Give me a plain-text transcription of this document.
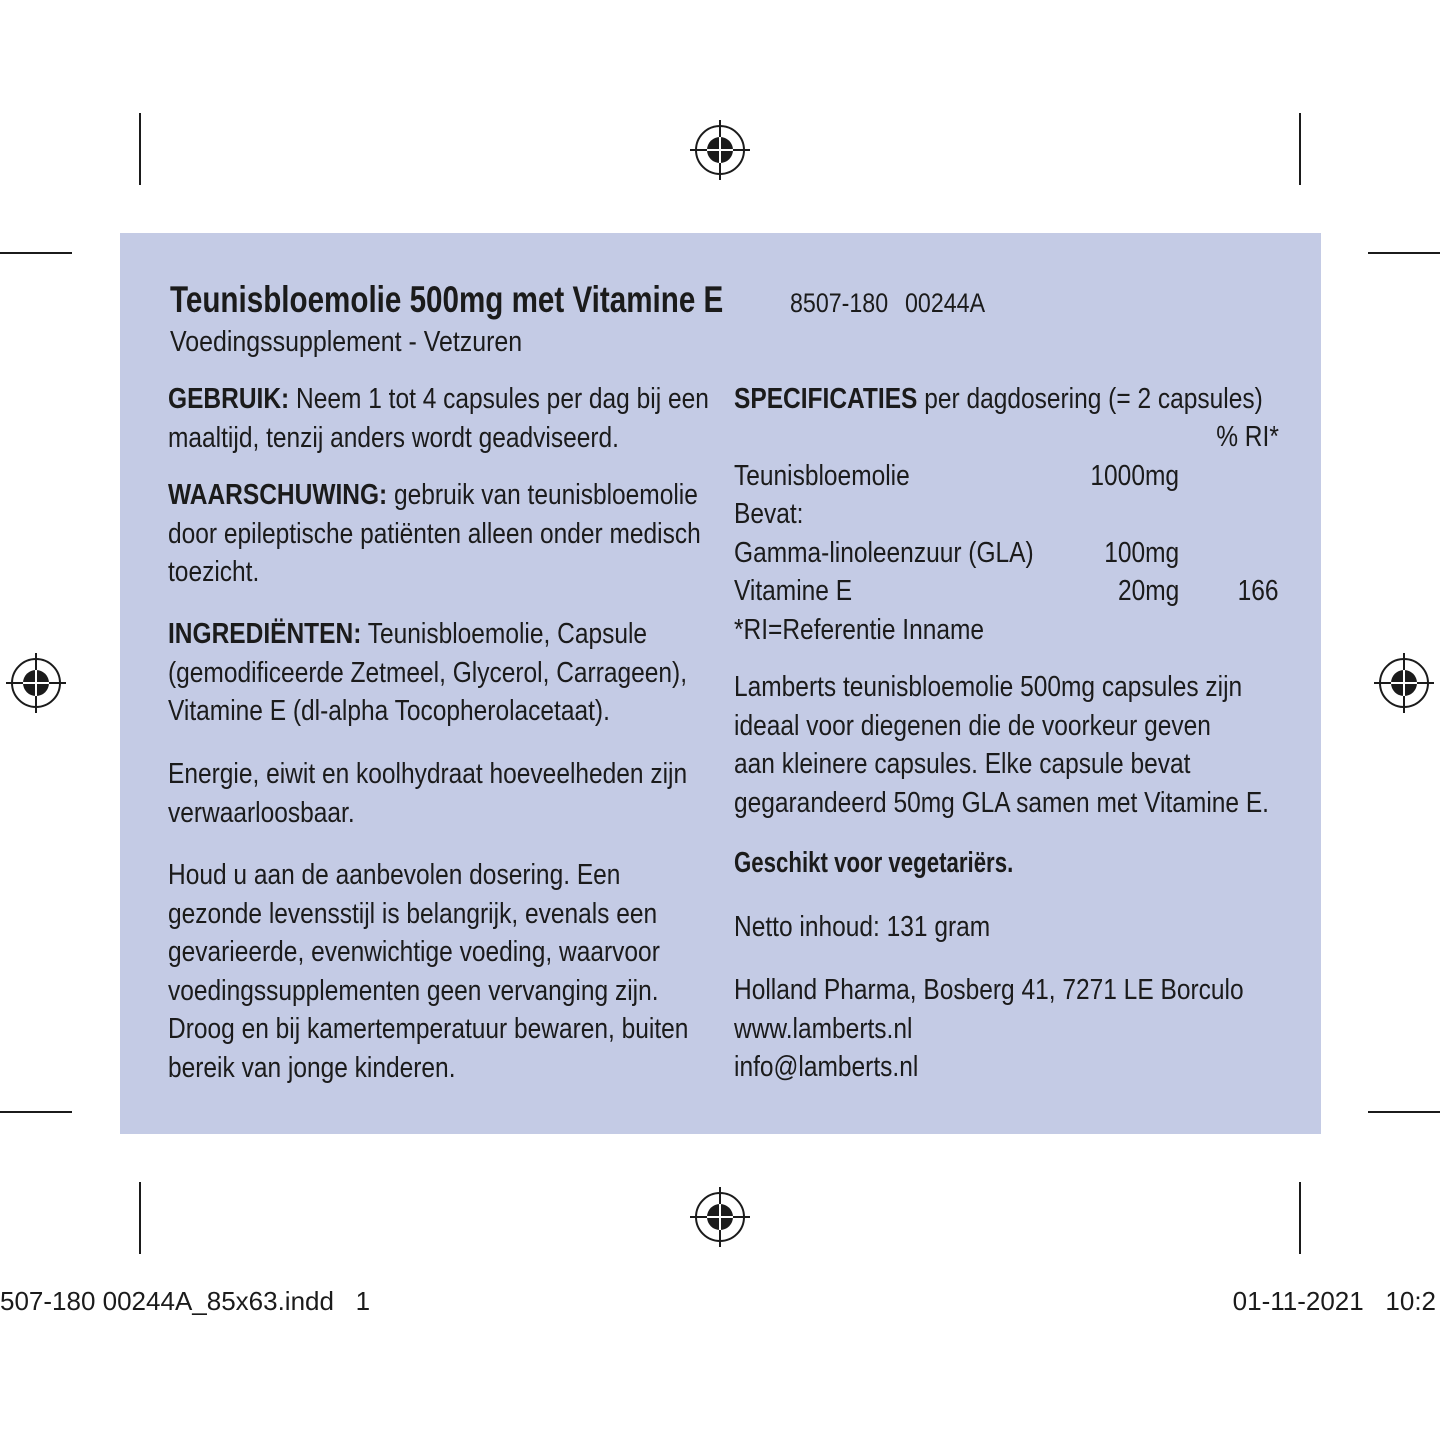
Teunisbloemolie 500mg met Vitamine E	8507-180 00244A
Voedingssupplement - Vetzuren
GEBRUIK: Neem 1 tot 4 capsules per dag bij een
maaltijd, tenzij anders wordt geadviseerd.
WAARSCHUWING: gebruik van teunisbloemolie
door epileptische patiënten alleen onder medisch
toezicht.
INGREDIËNTEN: Teunisbloemolie, Capsule
(gemodificeerde Zetmeel, Glycerol, Carrageen),
Vitamine E (dl-alpha Tocopherolacetaat).
Energie, eiwit en koolhydraat hoeveelheden zijn
verwaarloosbaar.
Houd u aan de aanbevolen dosering. Een
gezonde levensstijl is belangrijk, evenals een
gevarieerde, evenwichtige voeding, waarvoor
voedingssupplementen geen vervanging zijn.
Droog en bij kamertemperatuur bewaren, buiten
bereik van jonge kinderen.
SPECIFICATIES per dagdosering (= 2 capsules)
% RI*
Teunisbloemolie	1000mg
Bevat:
Gamma-linoleenzuur (GLA) 100mg
Vitamine E	20mg 166
*RI=Referentie Inname
Lamberts teunisbloemolie 500mg capsules zijn
ideaal voor diegenen die de voorkeur geven
aan kleinere capsules. Elke capsule bevat
gegarandeerd 50mg GLA samen met Vitamine E.
Geschikt voor vegetariërs.
Netto inhoud: 131 gram
Holland Pharma, Bosberg 41, 7271 LE Borculo
www.lamberts.nl
info@lamberts.nl
507-180 00244A_85x63.indd   1	01-11-2021   10:2
